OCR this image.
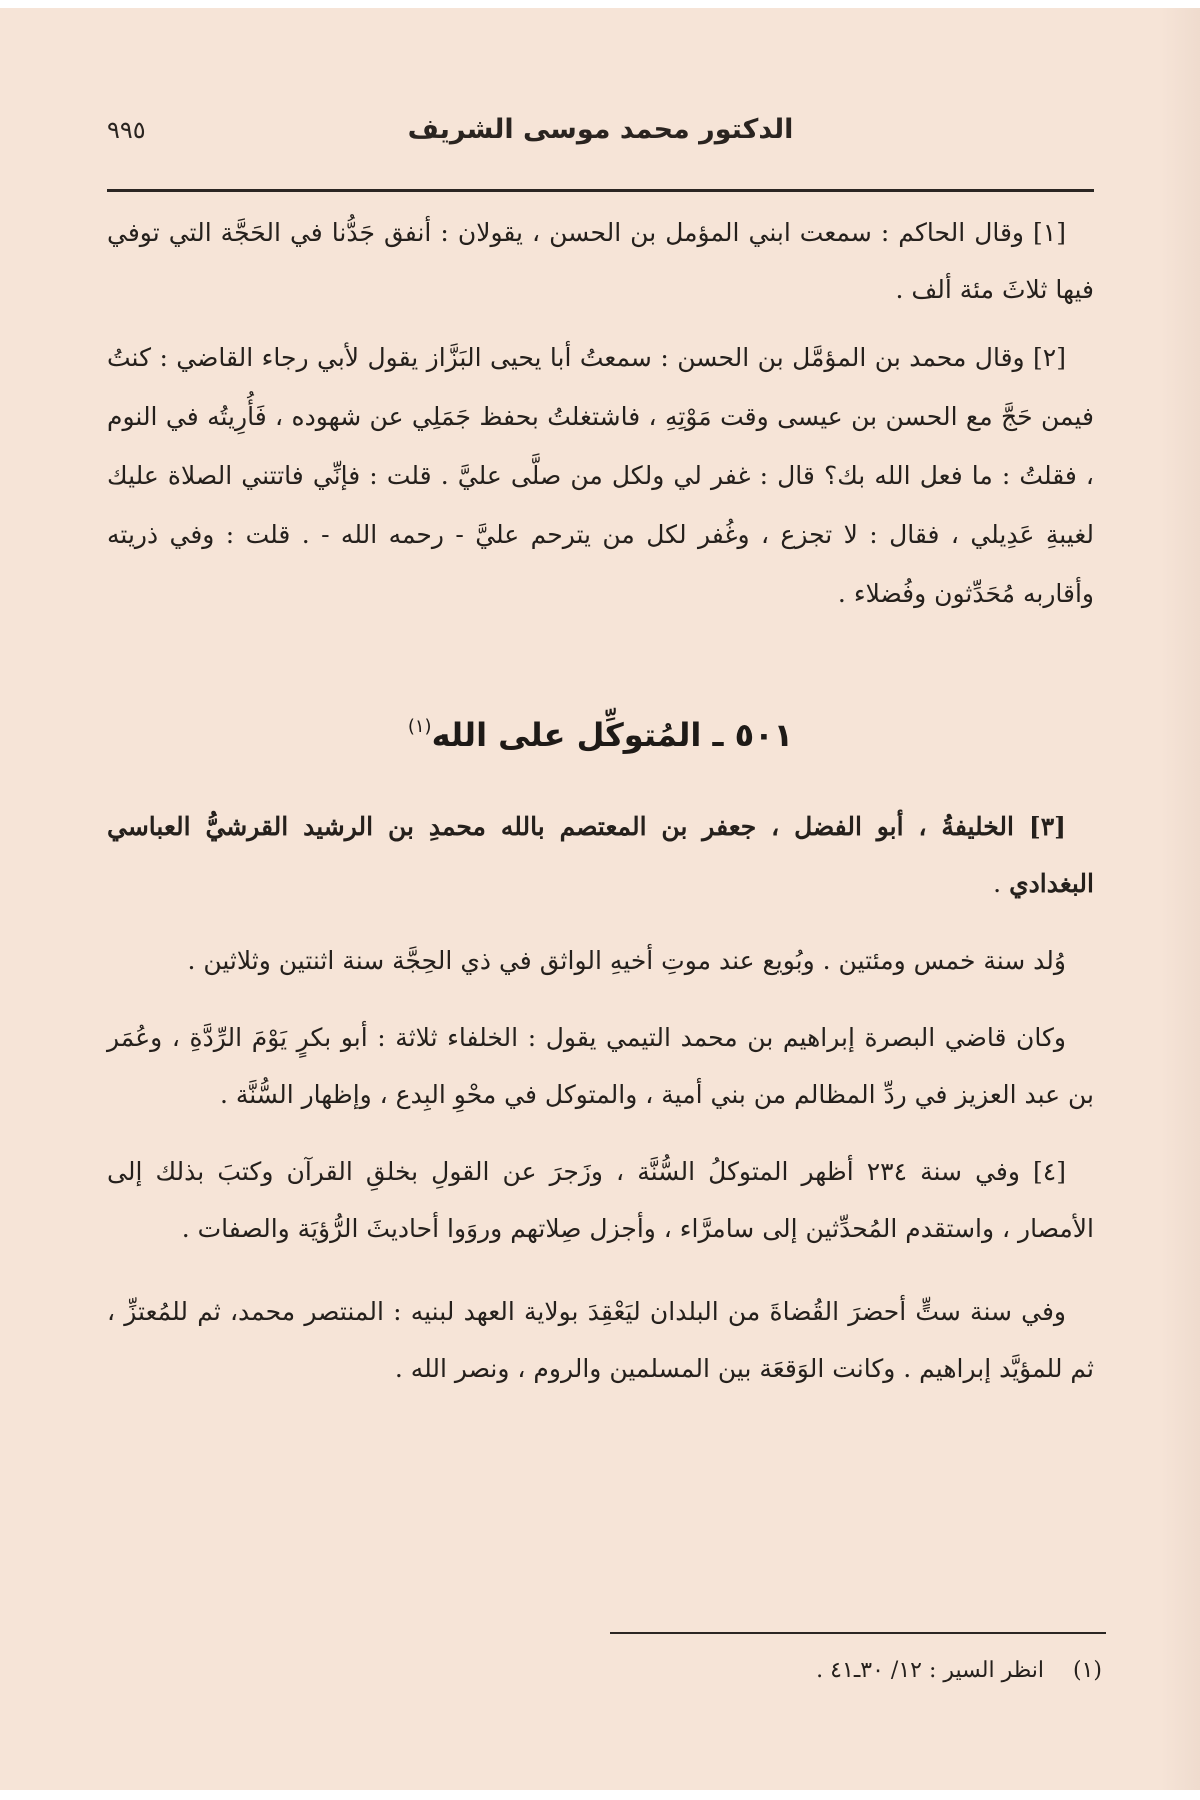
الدكتور محمد موسى الشريف
٩٩٥

[١] وقال الحاكم : سمعت ابني المؤمل بن الحسن ، يقولان : أنفق جَدُّنا في الحَجَّة التي توفي فيها ثلاثَ مئة ألف .

[٢] وقال محمد بن المؤمَّل بن الحسن : سمعتُ أبا يحيى البَزَّاز يقول لأبي رجاء القاضي : كنتُ فيمن حَجَّ مع الحسن بن عيسى وقت مَوْتِهِ ، فاشتغلتُ بحفظ جَمَلِي عن شهوده ، فَأُرِيتُه في النوم ، فقلتُ : ما فعل الله بك؟ قال : غفر لي ولكل من صلَّى عليَّ . قلت : فإنِّي فاتتني الصلاة عليك لغيبةِ عَدِيلي ، فقال : لا تجزع ، وغُفر لكل من يترحم عليَّ - رحمه الله - . قلت : وفي ذريته وأقاربه مُحَدِّثون وفُضلاء .

٥٠١ ـ المُتوكِّل على الله$^{(١)}$

[٣] الخليفةُ ، أبو الفضل ، جعفر بن المعتصم بالله محمدِ بن الرشيد القرشيُّ العباسي البغدادي .

وُلد سنة خمس ومئتين . وبُويع عند موتِ أخيهِ الواثق في ذي الحِجَّة سنة اثنتين وثلاثين .

وكان قاضي البصرة إبراهيم بن محمد التيمي يقول : الخلفاء ثلاثة : أبو بكرٍ يَوْمَ الرِّدَّةِ ، وعُمَر بن عبد العزيز في ردِّ المظالم من بني أمية ، والمتوكل في محْوِ البِدع ، وإظهار السُّنَّة .

[٤] وفي سنة ٢٣٤ أظهر المتوكلُ السُّنَّة ، وزَجرَ عن القولِ بخلقِ القرآن وكتبَ بذلك إلى الأمصار ، واستقدم المُحدِّثين إلى سامرَّاء ، وأجزل صِلاتهم وروَوا أحاديثَ الرُّؤيَة والصفات .

وفي سنة ستٍّ أحضرَ القُضاةَ من البلدان ليَعْقِدَ بولاية العهد لبنيه : المنتصر محمد، ثم للمُعتزِّ ، ثم للمؤيَّد إبراهيم . وكانت الوَقعَة بين المسلمين والروم ، ونصر الله .

(١) انظر السير : ١٢/ ٣٠ـ٤١ .
